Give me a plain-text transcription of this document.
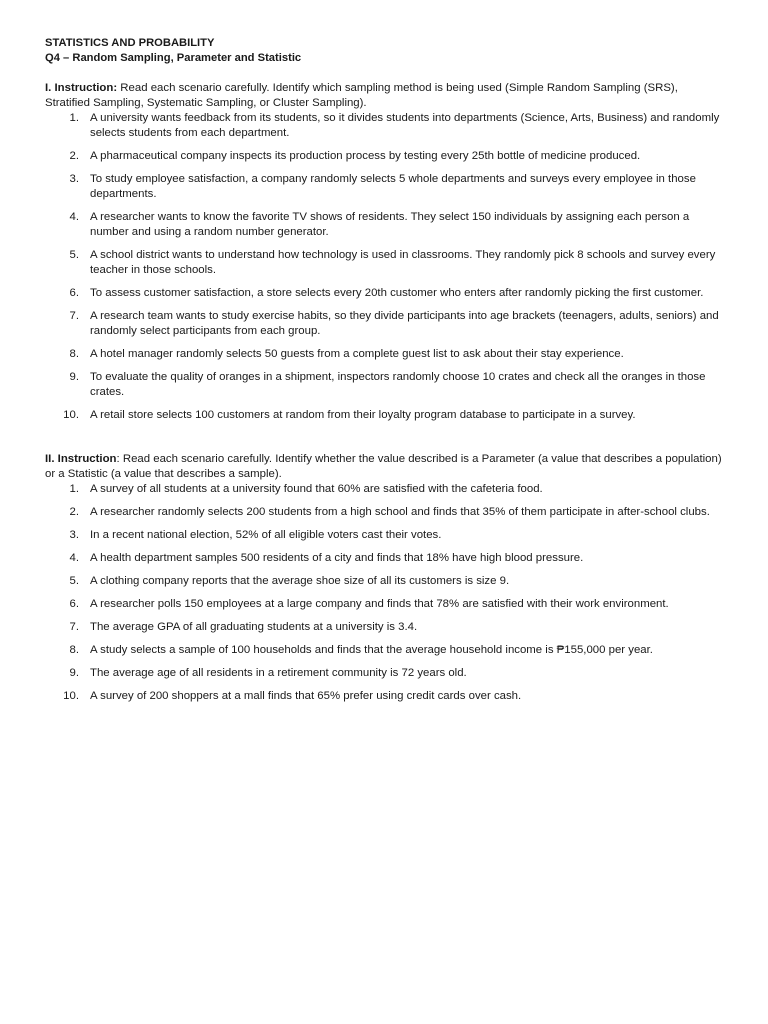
STATISTICS AND PROBABILITY

Q4 – Random Sampling, Parameter and Statistic

I. Instruction: Read each scenario carefully. Identify which sampling method is being used (Simple Random Sampling (SRS), Stratified Sampling, Systematic Sampling, or Cluster Sampling).

1. A university wants feedback from its students, so it divides students into departments (Science, Arts, Business) and randomly selects students from each department.
2. A pharmaceutical company inspects its production process by testing every 25th bottle of medicine produced.
3. To study employee satisfaction, a company randomly selects 5 whole departments and surveys every employee in those departments.
4. A researcher wants to know the favorite TV shows of residents. They select 150 individuals by assigning each person a number and using a random number generator.
5. A school district wants to understand how technology is used in classrooms. They randomly pick 8 schools and survey every teacher in those schools.
6. To assess customer satisfaction, a store selects every 20th customer who enters after randomly picking the first customer.
7. A research team wants to study exercise habits, so they divide participants into age brackets (teenagers, adults, seniors) and randomly select participants from each group.
8. A hotel manager randomly selects 50 guests from a complete guest list to ask about their stay experience.
9. To evaluate the quality of oranges in a shipment, inspectors randomly choose 10 crates and check all the oranges in those crates.
10. A retail store selects 100 customers at random from their loyalty program database to participate in a survey.

II. Instruction: Read each scenario carefully. Identify whether the value described is a Parameter (a value that describes a population) or a Statistic (a value that describes a sample).

1. A survey of all students at a university found that 60% are satisfied with the cafeteria food.
2. A researcher randomly selects 200 students from a high school and finds that 35% of them participate in after-school clubs.
3. In a recent national election, 52% of all eligible voters cast their votes.
4. A health department samples 500 residents of a city and finds that 18% have high blood pressure.
5. A clothing company reports that the average shoe size of all its customers is size 9.
6. A researcher polls 150 employees at a large company and finds that 78% are satisfied with their work environment.
7. The average GPA of all graduating students at a university is 3.4.
8. A study selects a sample of 100 households and finds that the average household income is ₱155,000 per year.
9. The average age of all residents in a retirement community is 72 years old.
10. A survey of 200 shoppers at a mall finds that 65% prefer using credit cards over cash.
